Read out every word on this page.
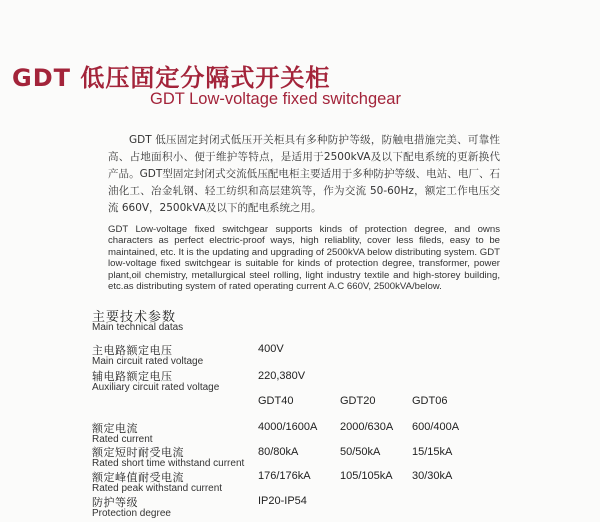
GDT 低压固定分隔式开关柜
GDT Low-voltage fixed switchgear

GDT 低压固定封闭式低压开关柜具有多种防护等级，防触电措施完美、可靠性高、占地面积小、便于维护等特点，是适用于2500kVA及以下配电系统的更新换代产品。GDT型固定封闭式交流低压配电柜主要适用于多种防护等级、电站、电厂、石油化工、冶金轧钢、轻工纺织和高层建筑等，作为交流 50-60Hz，额定工作电压交流 660V，2500kVA及以下的配电系统之用。

GDT Low-voltage fixed switchgear supports kinds of protection degree, and owns characters as perfect electric-proof ways, high reliablity, cover less fileds, easy to be maintained, etc. It is the updating and upgrading of 2500kVA below distributing system. GDT low-voltage fixed switchgear is suitable for kinds of protection degree, transformer, power plant,oil chemistry, metallurgical steel rolling, light industry textile and high-storey building, etc.as distributing system of rated operating current A.C 660V, 2500kVA/below.

主要技术参数
Main technical datas
主电路额定电压
Main circuit rated voltage
400V
辅电路额定电压
Auxiliary circuit rated voltage
220,380V
GDT40	GDT20	GDT06
额定电流
Rated current
4000/1600A 2000/630A 600/400A
额定短时耐受电流
Rated short time withstand current
80/80kA	50/50kA	15/15kA
额定峰值耐受电流
Rated peak withstand current
176/176kA	105/105kA 30/30kA
防护等级
Protection degree
IP20-IP54
